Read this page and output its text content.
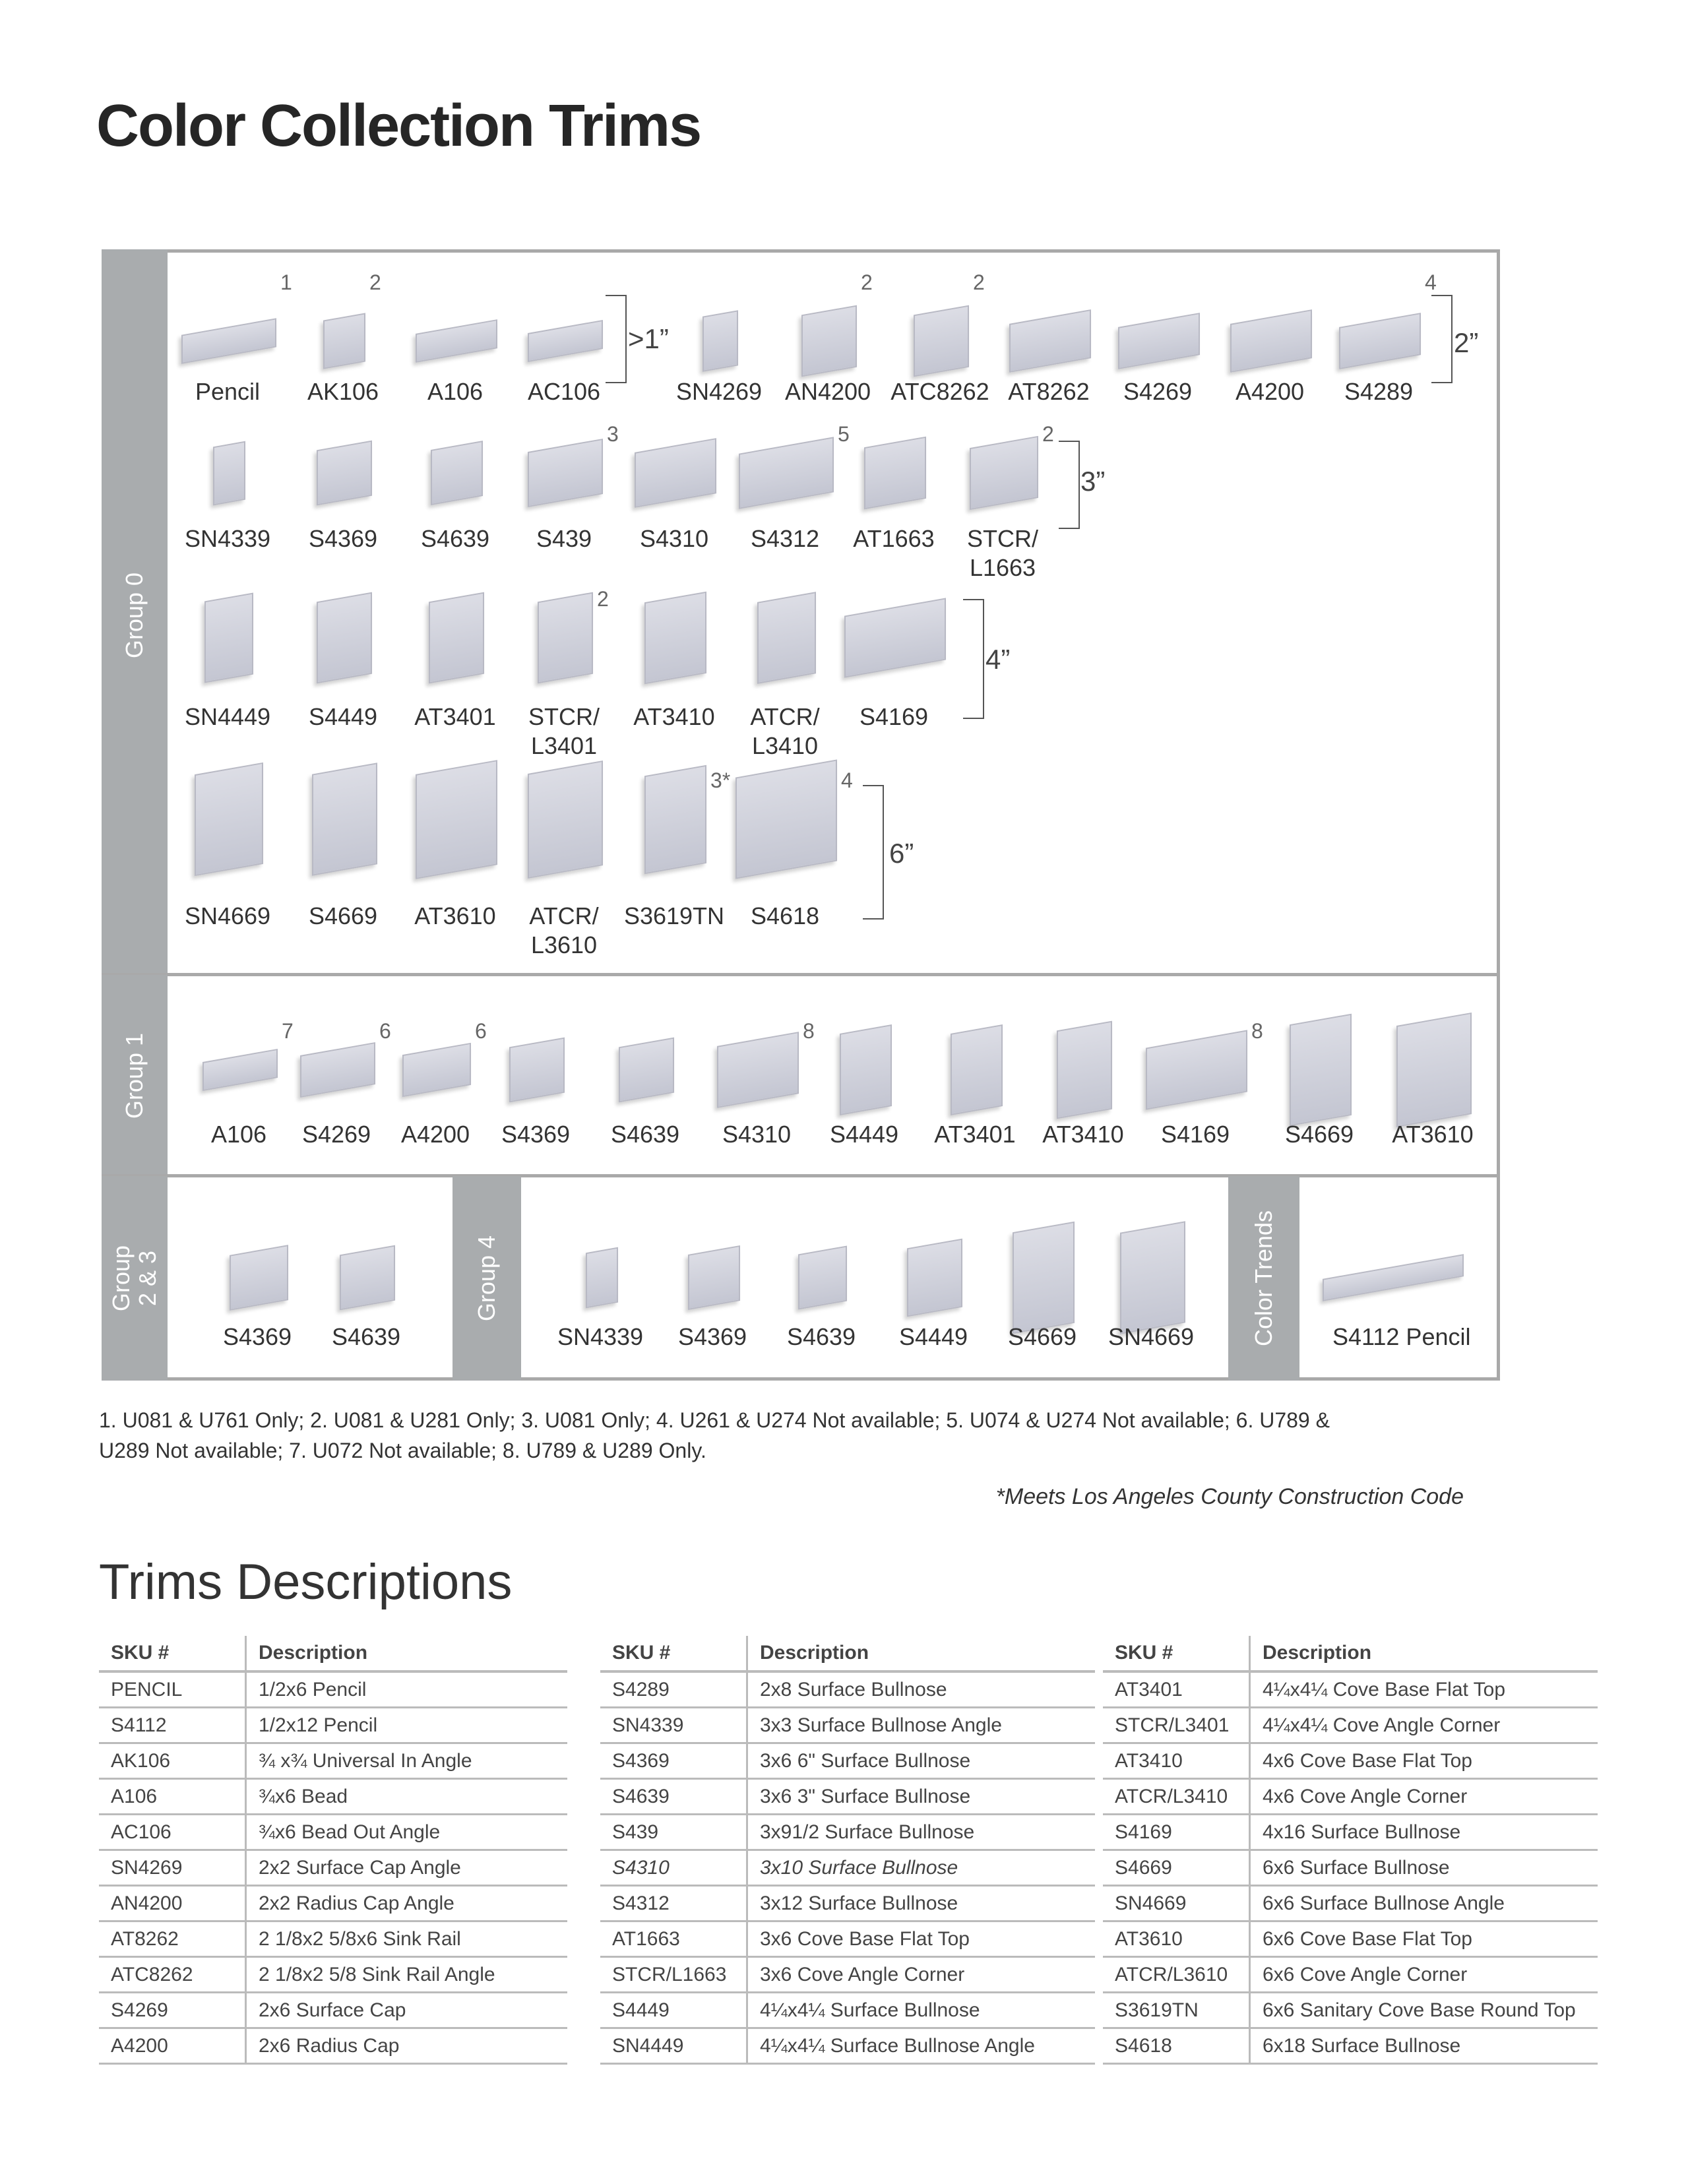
Color Collection Trims
Group 0
Group 1
Group
2 & 3	Group 4	Color Trends
Pencil
1
AK106
2
A106	AC106	SN4269 AN4200
2
ATC8262
2
AT8262	S4269	A4200	S4289
4
SN4339	S4369	S4639	S439
3
S4310	S4312
5
AT1663	STCR/
L1663
2
SN4449	S4449	AT3401	STCR/
L3401
2
AT3410	ATCR/
L3410
S4169
SN4669	S4669	AT3610	ATCR/
L3610
S3619TN
3*
S4618
4
A106
7
S4269
6
A4200
6
S4369	S4639	S4310
8
S4449	AT3401	AT3410	S4169
8
S4669	AT3610
S4369	S4639	SN4339	S4369	S4639	S4449	S4669	SN4669	S4112 Pencil
>1”	2”
3”
4”
6”
1. U081 & U761 Only; 2. U081 & U281 Only; 3. U081 Only; 4. U261 & U274 Not available; 5. U074 & U274 Not available; 6. U789 & U289 Not available; 7. U072 Not available; 8. U789 & U289 Only.
*Meets Los Angeles County Construction Code
Trims Descriptions
SKU #	Description
PENCIL	1/2x6 Pencil
S4112	1/2x12 Pencil
AK106	¾ x¾ Universal In Angle
A106	¾x6 Bead
AC106	¾x6 Bead Out Angle
SN4269	2x2 Surface Cap Angle
AN4200	2x2 Radius Cap Angle
AT8262	2 1/8x2 5/8x6 Sink Rail
ATC8262	2 1/8x2 5/8 Sink Rail Angle
S4269	2x6 Surface Cap
A4200	2x6 Radius Cap
SKU #	Description
S4289	2x8 Surface Bullnose
SN4339	3x3 Surface Bullnose Angle
S4369	3x6 6" Surface Bullnose
S4639	3x6 3" Surface Bullnose
S439	3x91/2 Surface Bullnose
S4310	3x10 Surface Bullnose
S4312	3x12 Surface Bullnose
AT1663	3x6 Cove Base Flat Top
STCR/L1663	3x6 Cove Angle Corner
S4449	4¼x4¼ Surface Bullnose
SN4449	4¼x4¼ Surface Bullnose Angle
SKU #	Description
AT3401	4¼x4¼ Cove Base Flat Top
STCR/L3401	4¼x4¼ Cove Angle Corner
AT3410	4x6 Cove Base Flat Top
ATCR/L3410	4x6 Cove Angle Corner
S4169	4x16 Surface Bullnose
S4669	6x6 Surface Bullnose
SN4669	6x6 Surface Bullnose Angle
AT3610	6x6 Cove Base Flat Top
ATCR/L3610	6x6 Cove Angle Corner
S3619TN	6x6 Sanitary Cove Base Round Top
S4618	6x18 Surface Bullnose
